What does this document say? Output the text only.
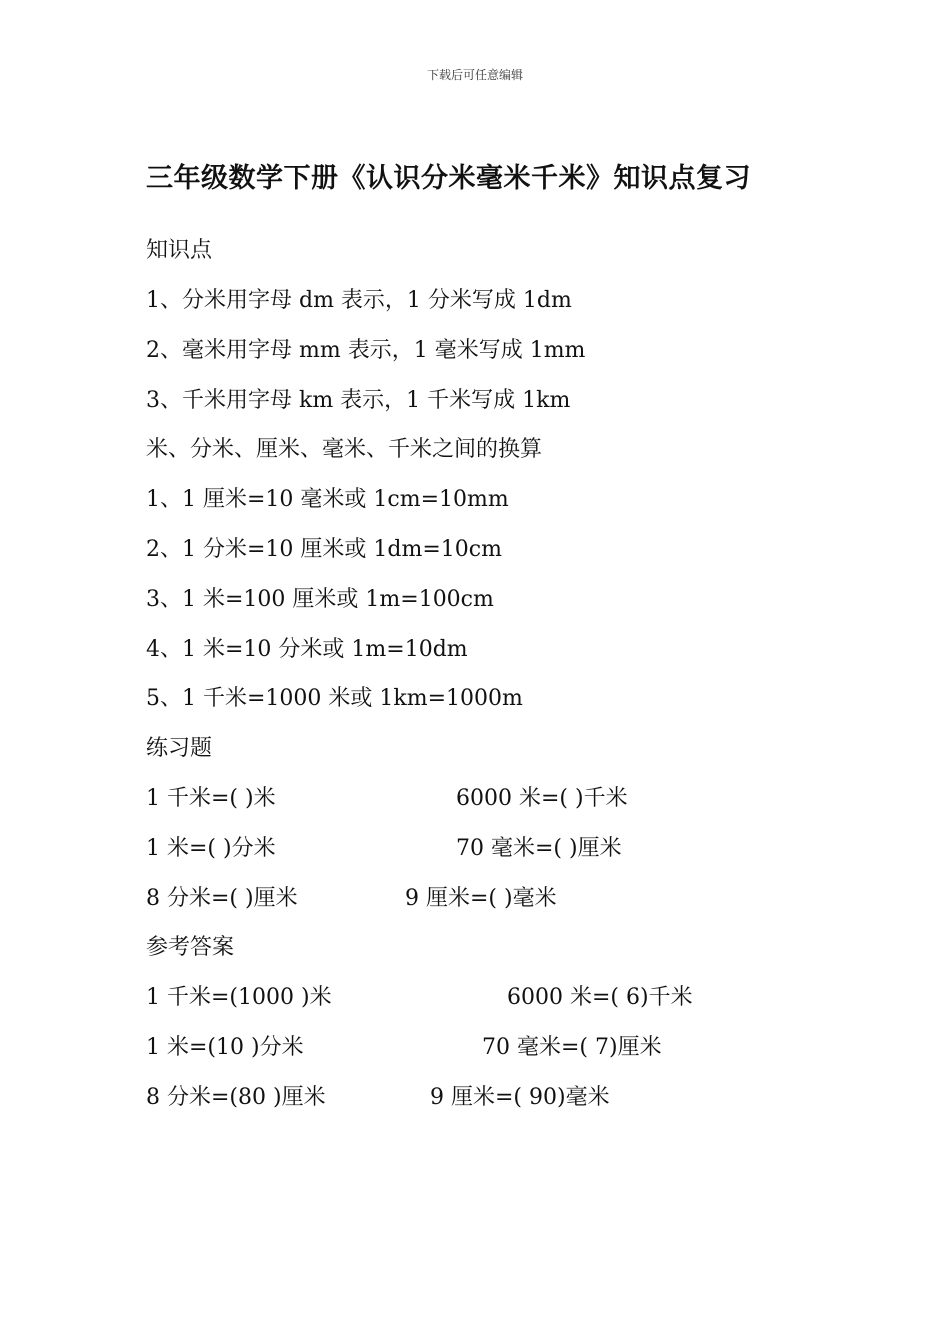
下载后可任意编辑
三年级数学下册《认识分米毫米千米》知识点复习
知识点
1、分米用字母 dm 表示，1 分米写成 1dm
2、毫米用字母 mm 表示，1 毫米写成 1mm
3、千米用字母 km 表示，1 千米写成 1km
米、分米、厘米、毫米、千米之间的换算
1、1 厘米=10 毫米或 1cm=10mm
2、1 分米=10 厘米或 1dm=10cm
3、1 米=100 厘米或 1m=100cm
4、1 米=10 分米或 1m=10dm
5、1 千米=1000 米或 1km=1000m
练习题
1 千米=( )米	6000 米=( )千米
1 米=( )分米	70 毫米=( )厘米
8 分米=( )厘米	9 厘米=( )毫米
参考答案
1 千米=(1000 )米	6000 米=( 6)千米
1 米=(10 )分米	70 毫米=( 7)厘米
8 分米=(80 )厘米	9 厘米=( 90)毫米
